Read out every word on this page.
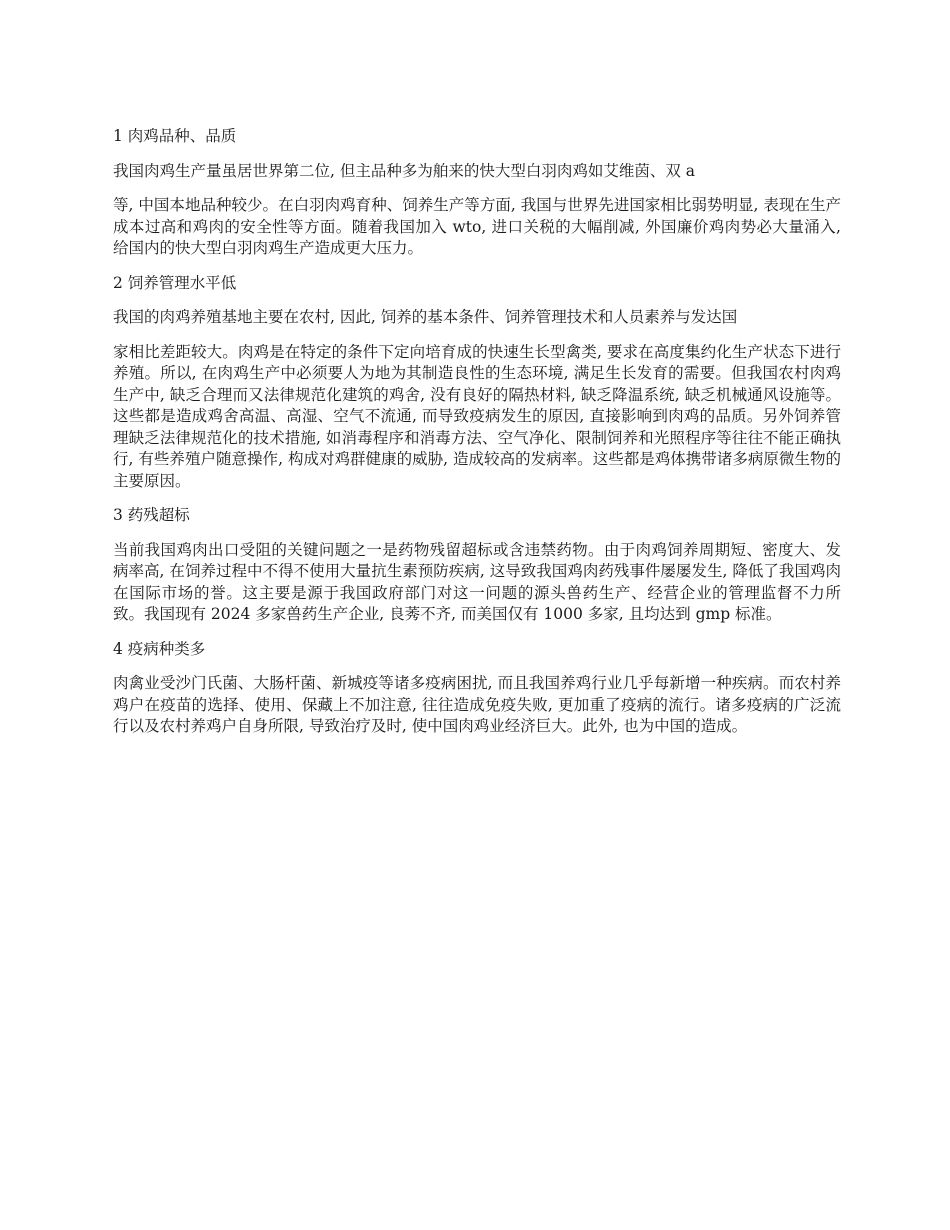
1 肉鸡品种、品质

我国肉鸡生产量虽居世界第二位, 但主品种多为舶来的快大型白羽肉鸡如艾维茵、双 a

等, 中国本地品种较少。在白羽肉鸡育种、饲养生产等方面, 我国与世界先进国家相比弱势明显, 表现在生产成本过高和鸡肉的安全性等方面。随着我国加入 wto, 进口关税的大幅削减, 外国廉价鸡肉势必大量涌入, 给国内的快大型白羽肉鸡生产造成更大压力。

2 饲养管理水平低

我国的肉鸡养殖基地主要在农村, 因此, 饲养的基本条件、饲养管理技术和人员素养与发达国

家相比差距较大。肉鸡是在特定的条件下定向培育成的快速生长型禽类, 要求在高度集约化生产状态下进行养殖。所以, 在肉鸡生产中必须要人为地为其制造良性的生态环境, 满足生长发育的需要。但我国农村肉鸡生产中, 缺乏合理而又法律规范化建筑的鸡舍, 没有良好的隔热材料, 缺乏降温系统, 缺乏机械通风设施等。这些都是造成鸡舍高温、高湿、空气不流通, 而导致疫病发生的原因, 直接影响到肉鸡的品质。另外饲养管理缺乏法律规范化的技术措施, 如消毒程序和消毒方法、空气净化、限制饲养和光照程序等往往不能正确执行, 有些养殖户随意操作, 构成对鸡群健康的威胁, 造成较高的发病率。这些都是鸡体携带诸多病原微生物的主要原因。

3 药残超标

当前我国鸡肉出口受阻的关键问题之一是药物残留超标或含违禁药物。由于肉鸡饲养周期短、密度大、发病率高, 在饲养过程中不得不使用大量抗生素预防疾病, 这导致我国鸡肉药残事件屡屡发生, 降低了我国鸡肉在国际市场的誉。这主要是源于我国政府部门对这一问题的源头兽药生产、经营企业的管理监督不力所致。我国现有 2024 多家兽药生产企业, 良莠不齐, 而美国仅有 1000 多家, 且均达到 gmp 标准。

4 疫病种类多

肉禽业受沙门氏菌、大肠杆菌、新城疫等诸多疫病困扰, 而且我国养鸡行业几乎每新增一种疾病。而农村养鸡户在疫苗的选择、使用、保藏上不加注意, 往往造成免疫失败, 更加重了疫病的流行。诸多疫病的广泛流行以及农村养鸡户自身所限, 导致治疗及时, 使中国肉鸡业经济巨大。此外, 也为中国的造成。
